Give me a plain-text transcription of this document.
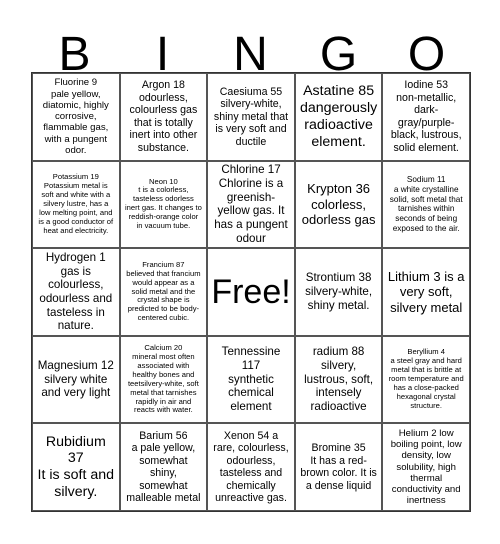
B	I	N	G	O
Fluorine 9
pale yellow, diatomic, highly corrosive, flammable gas, with a pungent odor.
Argon 18
odourless, colourless gas that is totally inert into other substance.
Caesiuma 55 silvery-white, shiny metal that is very soft and ductile
Astatine 85 dangerously radioactive element.
Iodine 53
non-metallic, dark-gray/purple-black, lustrous, solid element.
Potassium 19
Potassium metal is soft and white with a silvery lustre, has a low melting point, and is a good conductor of heat and electricity.
Neon 10
t is a colorless, tasteless odorless inert gas. It changes to reddish-orange color in vacuum tube.
Chlorine 17 Chlorine is a greenish-yellow gas. It has a pungent odour
Krypton 36 colorless, odorless gas
Sodium 11
a white crystalline solid, soft metal that tarnishes within seconds of being exposed to the air.
Hydrogen 1 gas is colourless, odourless and tasteless in nature.
Francium 87
believed that francium would appear as a solid metal and the crystal shape is predicted to be body-centered cubic.
Free!	Strontium 38 silvery-white, shiny metal.
Lithium 3 is a very soft, silvery metal
Magnesium 12
silvery white and very light
Calcium 20
mineral most often associated with healthy bones and teetsilvery-white, soft metal that tarnishes rapidly in air and reacts with water.
Tennessine 117
synthetic chemical element
radium 88 silvery, lustrous, soft, intensely radioactive
Beryllium 4
a steel gray and hard metal that is brittle at room temperature and has a close-packed hexagonal crystal structure.
Rubidium 37
It is soft and silvery.
Barium 56
a pale yellow, somewhat shiny, somewhat malleable metal
Xenon 54 a rare, colourless, odourless, tasteless and chemically unreactive gas.
Bromine 35
It has a red-brown color. It is a dense liquid
Helium 2 low boiling point, low density, low solubility, high thermal conductivity and inertness
